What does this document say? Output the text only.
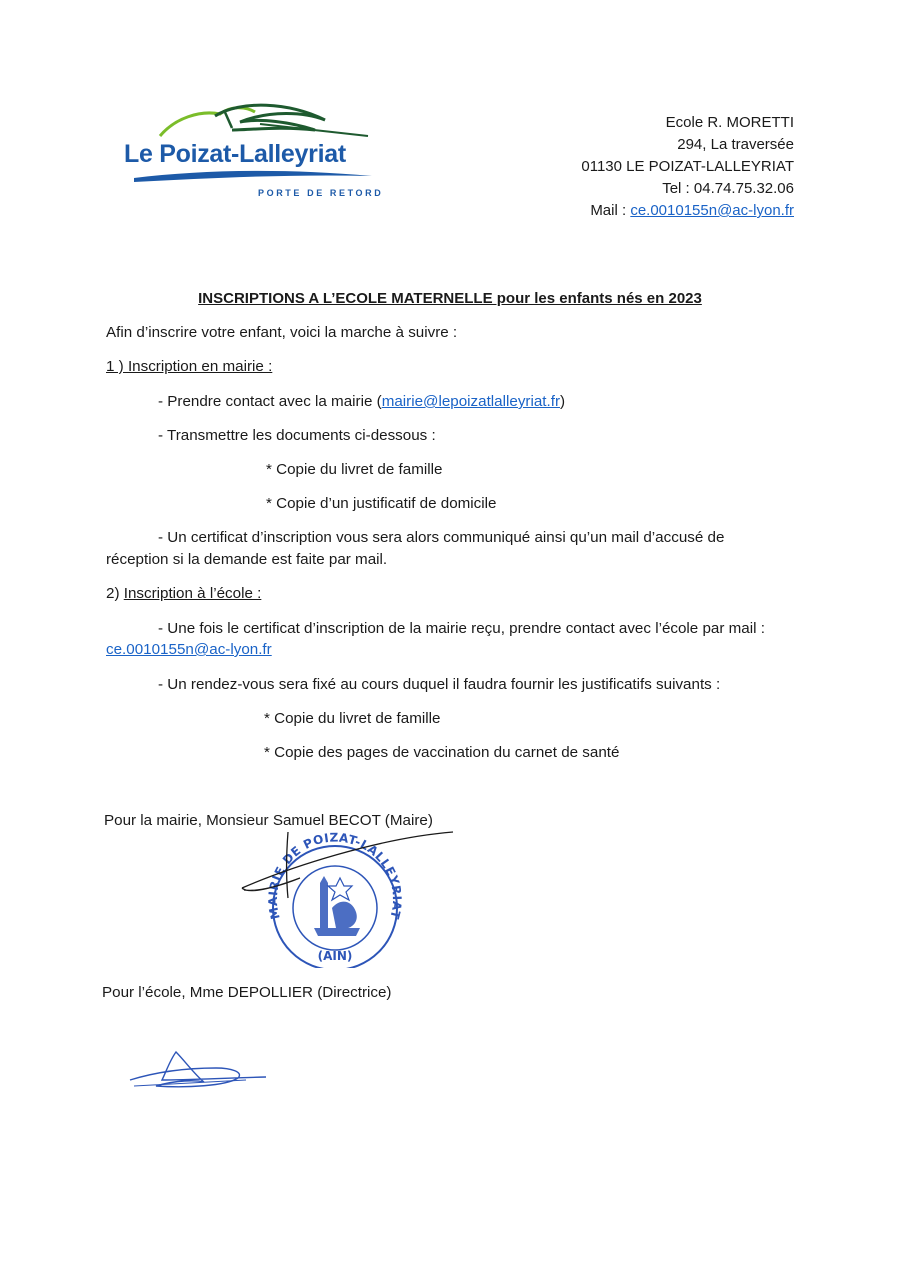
Le Poizat-Lalleyriat
PORTE DE RETORD
Ecole R. MORETTI
294, La traversée
01130 LE POIZAT-LALLEYRIAT
Tel : 04.74.75.32.06
Mail : ce.0010155n@ac-lyon.fr
INSCRIPTIONS A L’ECOLE MATERNELLE pour les enfants nés en 2023
Afin d’inscrire votre enfant, voici la marche à suivre :
1 ) Inscription en mairie :
- Prendre contact avec la mairie (mairie@lepoizatlalleyriat.fr)
- Transmettre les documents ci-dessous :
* Copie du livret de famille
* Copie d’un justificatif de domicile
- Un certificat d’inscription vous sera alors communiqué ainsi qu’un mail d’accusé de
réception si la demande est faite par mail.
2) Inscription à l’école :
- Une fois le certificat d’inscription de la mairie reçu, prendre contact avec l’école par mail :
ce.0010155n@ac-lyon.fr
- Un rendez-vous sera fixé au cours duquel il faudra fournir les justificatifs suivants :
* Copie du livret de famille
* Copie des pages de vaccination du carnet de santé
Pour la mairie, Monsieur Samuel BECOT (Maire)
MAIRIE DE POIZAT-LALLEYRIAT
(AIN)
Pour l’école, Mme DEPOLLIER (Directrice)
